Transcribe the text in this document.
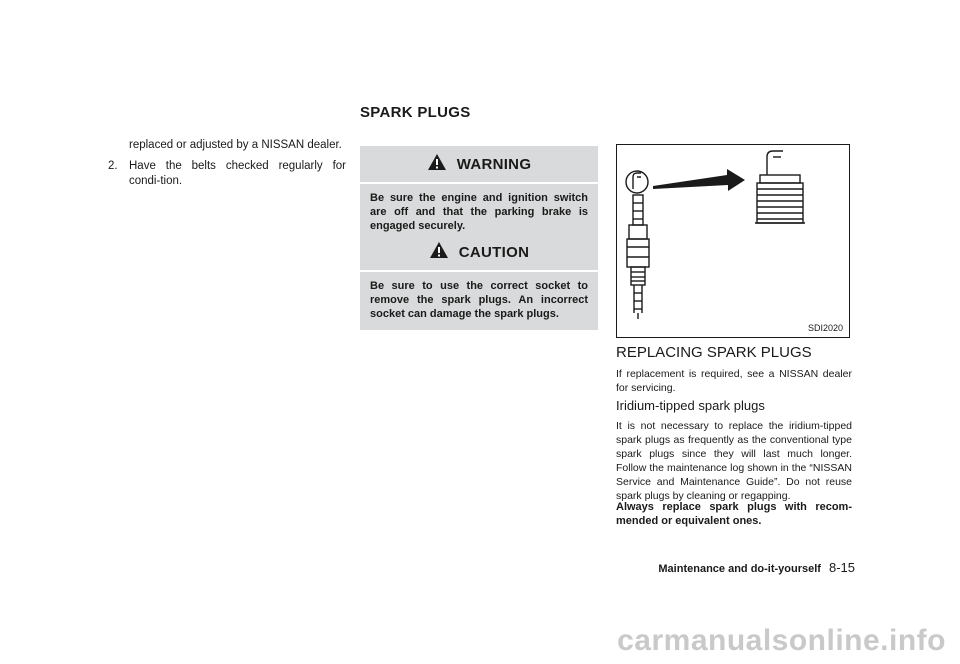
SPARK PLUGS

replaced or adjusted by a NISSAN dealer.

2. Have the belts checked regularly for condi-tion.
WARNING
Be sure the engine and ignition switch are off and that the parking brake is engaged securely.
CAUTION
Be sure to use the correct socket to remove the spark plugs. An incorrect socket can damage the spark plugs.
SDI2020
REPLACING SPARK PLUGS

If replacement is required, see a NISSAN dealer for servicing.

Iridium-tipped spark plugs

It is not necessary to replace the iridium-tipped spark plugs as frequently as the conventional type spark plugs since they will last much longer. Follow the maintenance log shown in the “NISSAN Service and Maintenance Guide”. Do not reuse spark plugs by cleaning or regapping.

Always replace spark plugs with recom-mended or equivalent ones.

Maintenance and do-it-yourself 8-15
carmanualsonline.info
